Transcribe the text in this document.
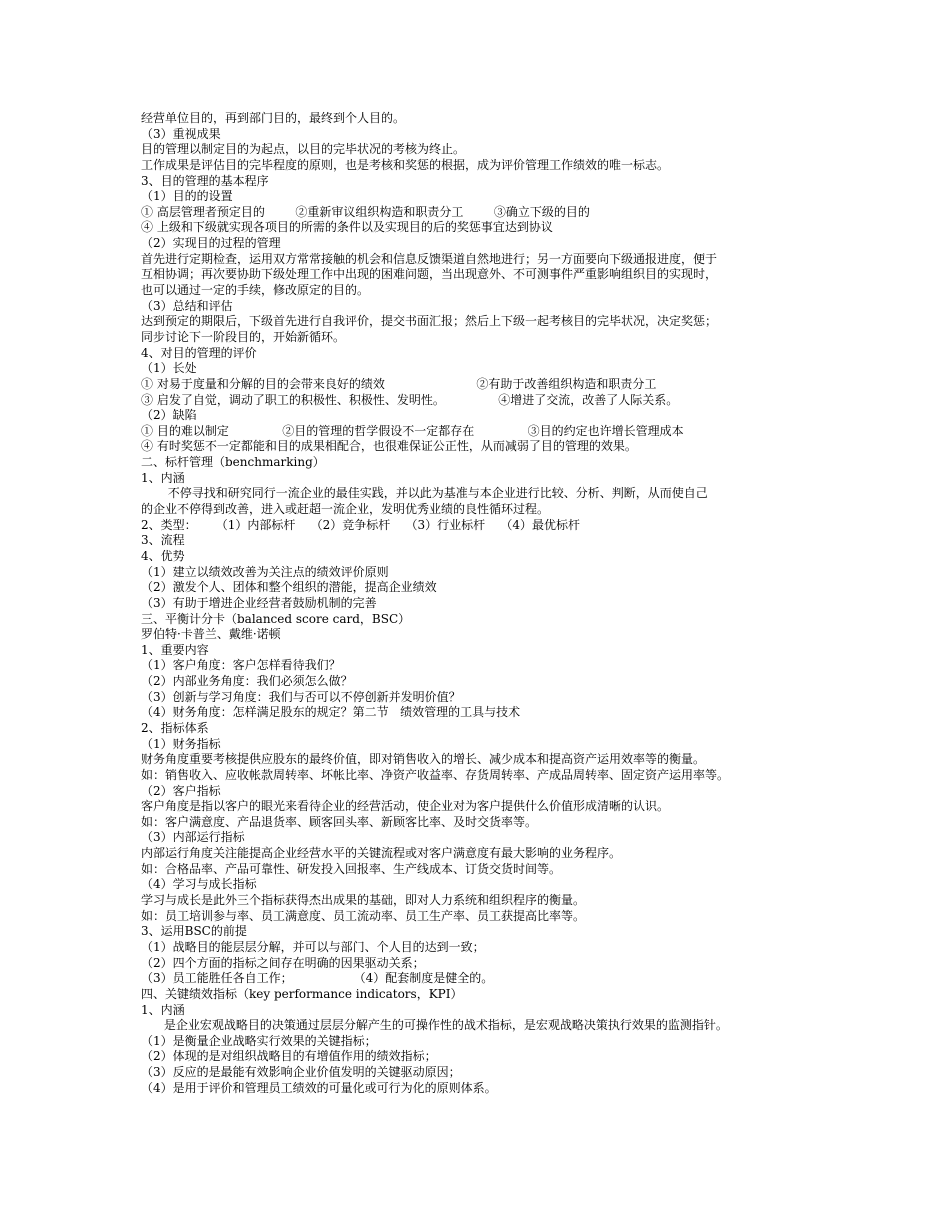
经营单位目的，再到部门目的，最终到个人目的。
（3）重视成果
目的管理以制定目的为起点，以目的完毕状况的考核为终止。
工作成果是评估目的完毕程度的原则，也是考核和奖惩的根据，成为评价管理工作绩效的唯一标志。
3、目的管理的基本程序
（1）目的的设置
① 高层管理者预定目的        ②重新审议组织构造和职责分工        ③确立下级的目的
④ 上级和下级就实现各项目的所需的条件以及实现目的后的奖惩事宜达到协议
（2）实现目的过程的管理
首先进行定期检查，运用双方常常接触的机会和信息反馈渠道自然地进行；另一方面要向下级通报进度，便于
互相协调；再次要协助下级处理工作中出现的困难问题，当出现意外、不可测事件严重影响组织目的实现时，
也可以通过一定的手续，修改原定的目的。
（3）总结和评估
达到预定的期限后，下级首先进行自我评价，提交书面汇报；然后上下级一起考核目的完毕状况，决定奖惩；
同步讨论下一阶段目的，开始新循环。
4、对目的管理的评价
（1）长处
① 对易于度量和分解的目的会带来良好的绩效                        ②有助于改善组织构造和职责分工
③ 启发了自觉，调动了职工的积极性、积极性、发明性。              ④增进了交流，改善了人际关系。
（2）缺陷
① 目的难以制定              ②目的管理的哲学假设不一定都存在              ③目的约定也许增长管理成本
④ 有时奖惩不一定都能和目的成果相配合，也很难保证公正性，从而减弱了目的管理的效果。
二、标杆管理（benchmarking）
1、内涵
不停寻找和研究同行一流企业的最佳实践，并以此为基准与本企业进行比较、分析、判断，从而使自己
的企业不停得到改善，进入或赶超一流企业，发明优秀业绩的良性循环过程。
2、类型：     （1）内部标杆    （2）竞争标杆    （3）行业标杆    （4）最优标杆
3、流程
4、优势
（1）建立以绩效改善为关注点的绩效评价原则
（2）激发个人、团体和整个组织的潜能，提高企业绩效
（3）有助于增进企业经营者鼓励机制的完善
三、平衡计分卡（balanced score card，BSC）
罗伯特·卡普兰、戴维·诺顿
1、重要内容
（1）客户角度：客户怎样看待我们？
（2）内部业务角度：我们必须怎么做？
（3）创新与学习角度：我们与否可以不停创新并发明价值？
（4）财务角度：怎样满足股东的规定？第二节   绩效管理的工具与技术
2、指标体系
（1）财务指标
财务角度重要考核提供应股东的最终价值，即对销售收入的增长、减少成本和提高资产运用效率等的衡量。
如：销售收入、应收帐款周转率、坏帐比率、净资产收益率、存货周转率、产成品周转率、固定资产运用率等。
（2）客户指标
客户角度是指以客户的眼光来看待企业的经营活动，使企业对为客户提供什么价值形成清晰的认识。
如：客户满意度、产品退货率、顾客回头率、新顾客比率、及时交货率等。
（3）内部运行指标
内部运行角度关注能提高企业经营水平的关键流程或对客户满意度有最大影响的业务程序。
如：合格品率、产品可靠性、研发投入回报率、生产线成本、订货交货时间等。
（4）学习与成长指标
学习与成长是此外三个指标获得杰出成果的基础，即对人力系统和组织程序的衡量。
如：员工培训参与率、员工满意度、员工流动率、员工生产率、员工获提高比率等。
3、运用BSC的前提
（1）战略目的能层层分解，并可以与部门、个人目的达到一致；
（2）四个方面的指标之间存在明确的因果驱动关系；
（3）员工能胜任各自工作；                （4）配套制度是健全的。
四、关键绩效指标（key performance indicators，KPI）
1、内涵
是企业宏观战略目的决策通过层层分解产生的可操作性的战术指标，是宏观战略决策执行效果的监测指针。
（1）是衡量企业战略实行效果的关键指标；
（2）体现的是对组织战略目的有增值作用的绩效指标；
（3）反应的是最能有效影响企业价值发明的关键驱动原因；
（4）是用于评价和管理员工绩效的可量化或可行为化的原则体系。
